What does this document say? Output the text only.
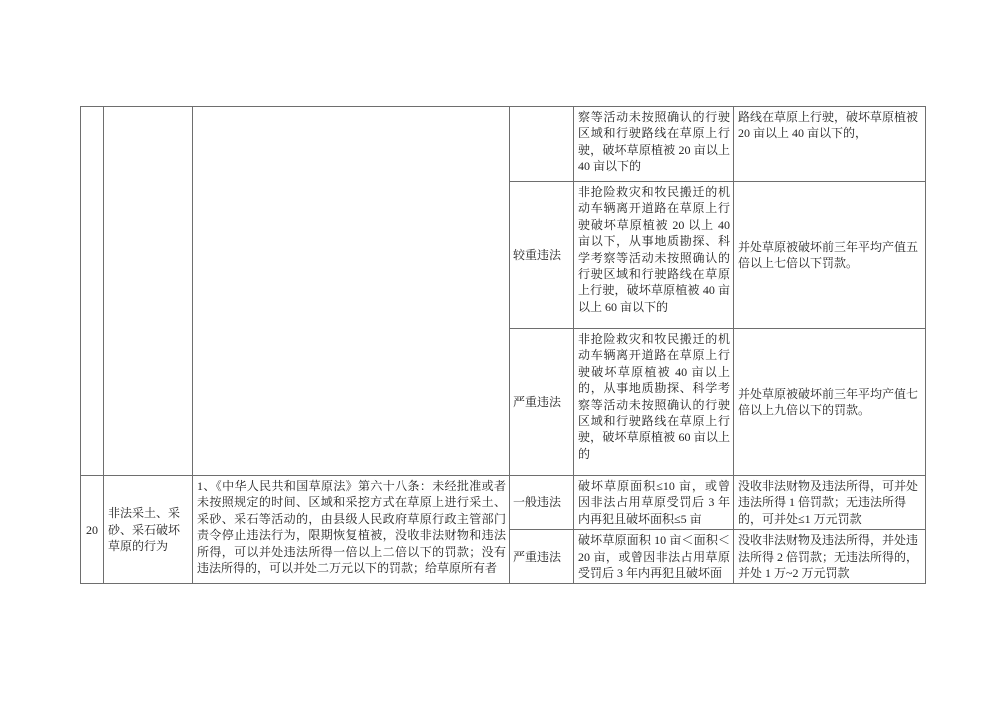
				察等活动未按照确认的行驶区域和行驶路线在草原上行驶，破坏草原植被 20 亩以上 40 亩以下的	路线在草原上行驶，破坏草原植被 20 亩以上 40 亩以下的，
			较重违法	非抢险救灾和牧民搬迁的机动车辆离开道路在草原上行驶破坏草原植被 20 以上 40 亩以下，从事地质勘探、科学考察等活动未按照确认的行驶区域和行驶路线在草原上行驶，破坏草原植被 40 亩以上 60 亩以下的	并处草原被破坏前三年平均产值五倍以上七倍以下罚款。
			严重违法	非抢险救灾和牧民搬迁的机动车辆离开道路在草原上行驶破坏草原植被 40 亩以上的，从事地质勘探、科学考察等活动未按照确认的行驶区域和行驶路线在草原上行驶，破坏草原植被 60 亩以上的	并处草原被破坏前三年平均产值七倍以上九倍以下的罚款。
20	非法采土、采砂、采石破坏草原的行为	1、《中华人民共和国草原法》第六十八条：未经批准或者未按照规定的时间、区域和采挖方式在草原上进行采土、采砂、采石等活动的，由县级人民政府草原行政主管部门责令停止违法行为，限期恢复植被，没收非法财物和违法所得，可以并处违法所得一倍以上二倍以下的罚款；没有违法所得的，可以并处二万元以下的罚款；给草原所有者	一般违法	破坏草原面积≤10 亩，或曾因非法占用草原受罚后 3 年内再犯且破坏面积≤5 亩	没收非法财物及违法所得，可并处违法所得 1 倍罚款；无违法所得的，可并处≤1 万元罚款
			严重违法	破坏草原面积 10 亩＜面积＜20 亩，或曾因非法占用草原受罚后 3 年内再犯且破坏面	没收非法财物及违法所得，并处违法所得 2 倍罚款；无违法所得的，并处 1 万~2 万元罚款
